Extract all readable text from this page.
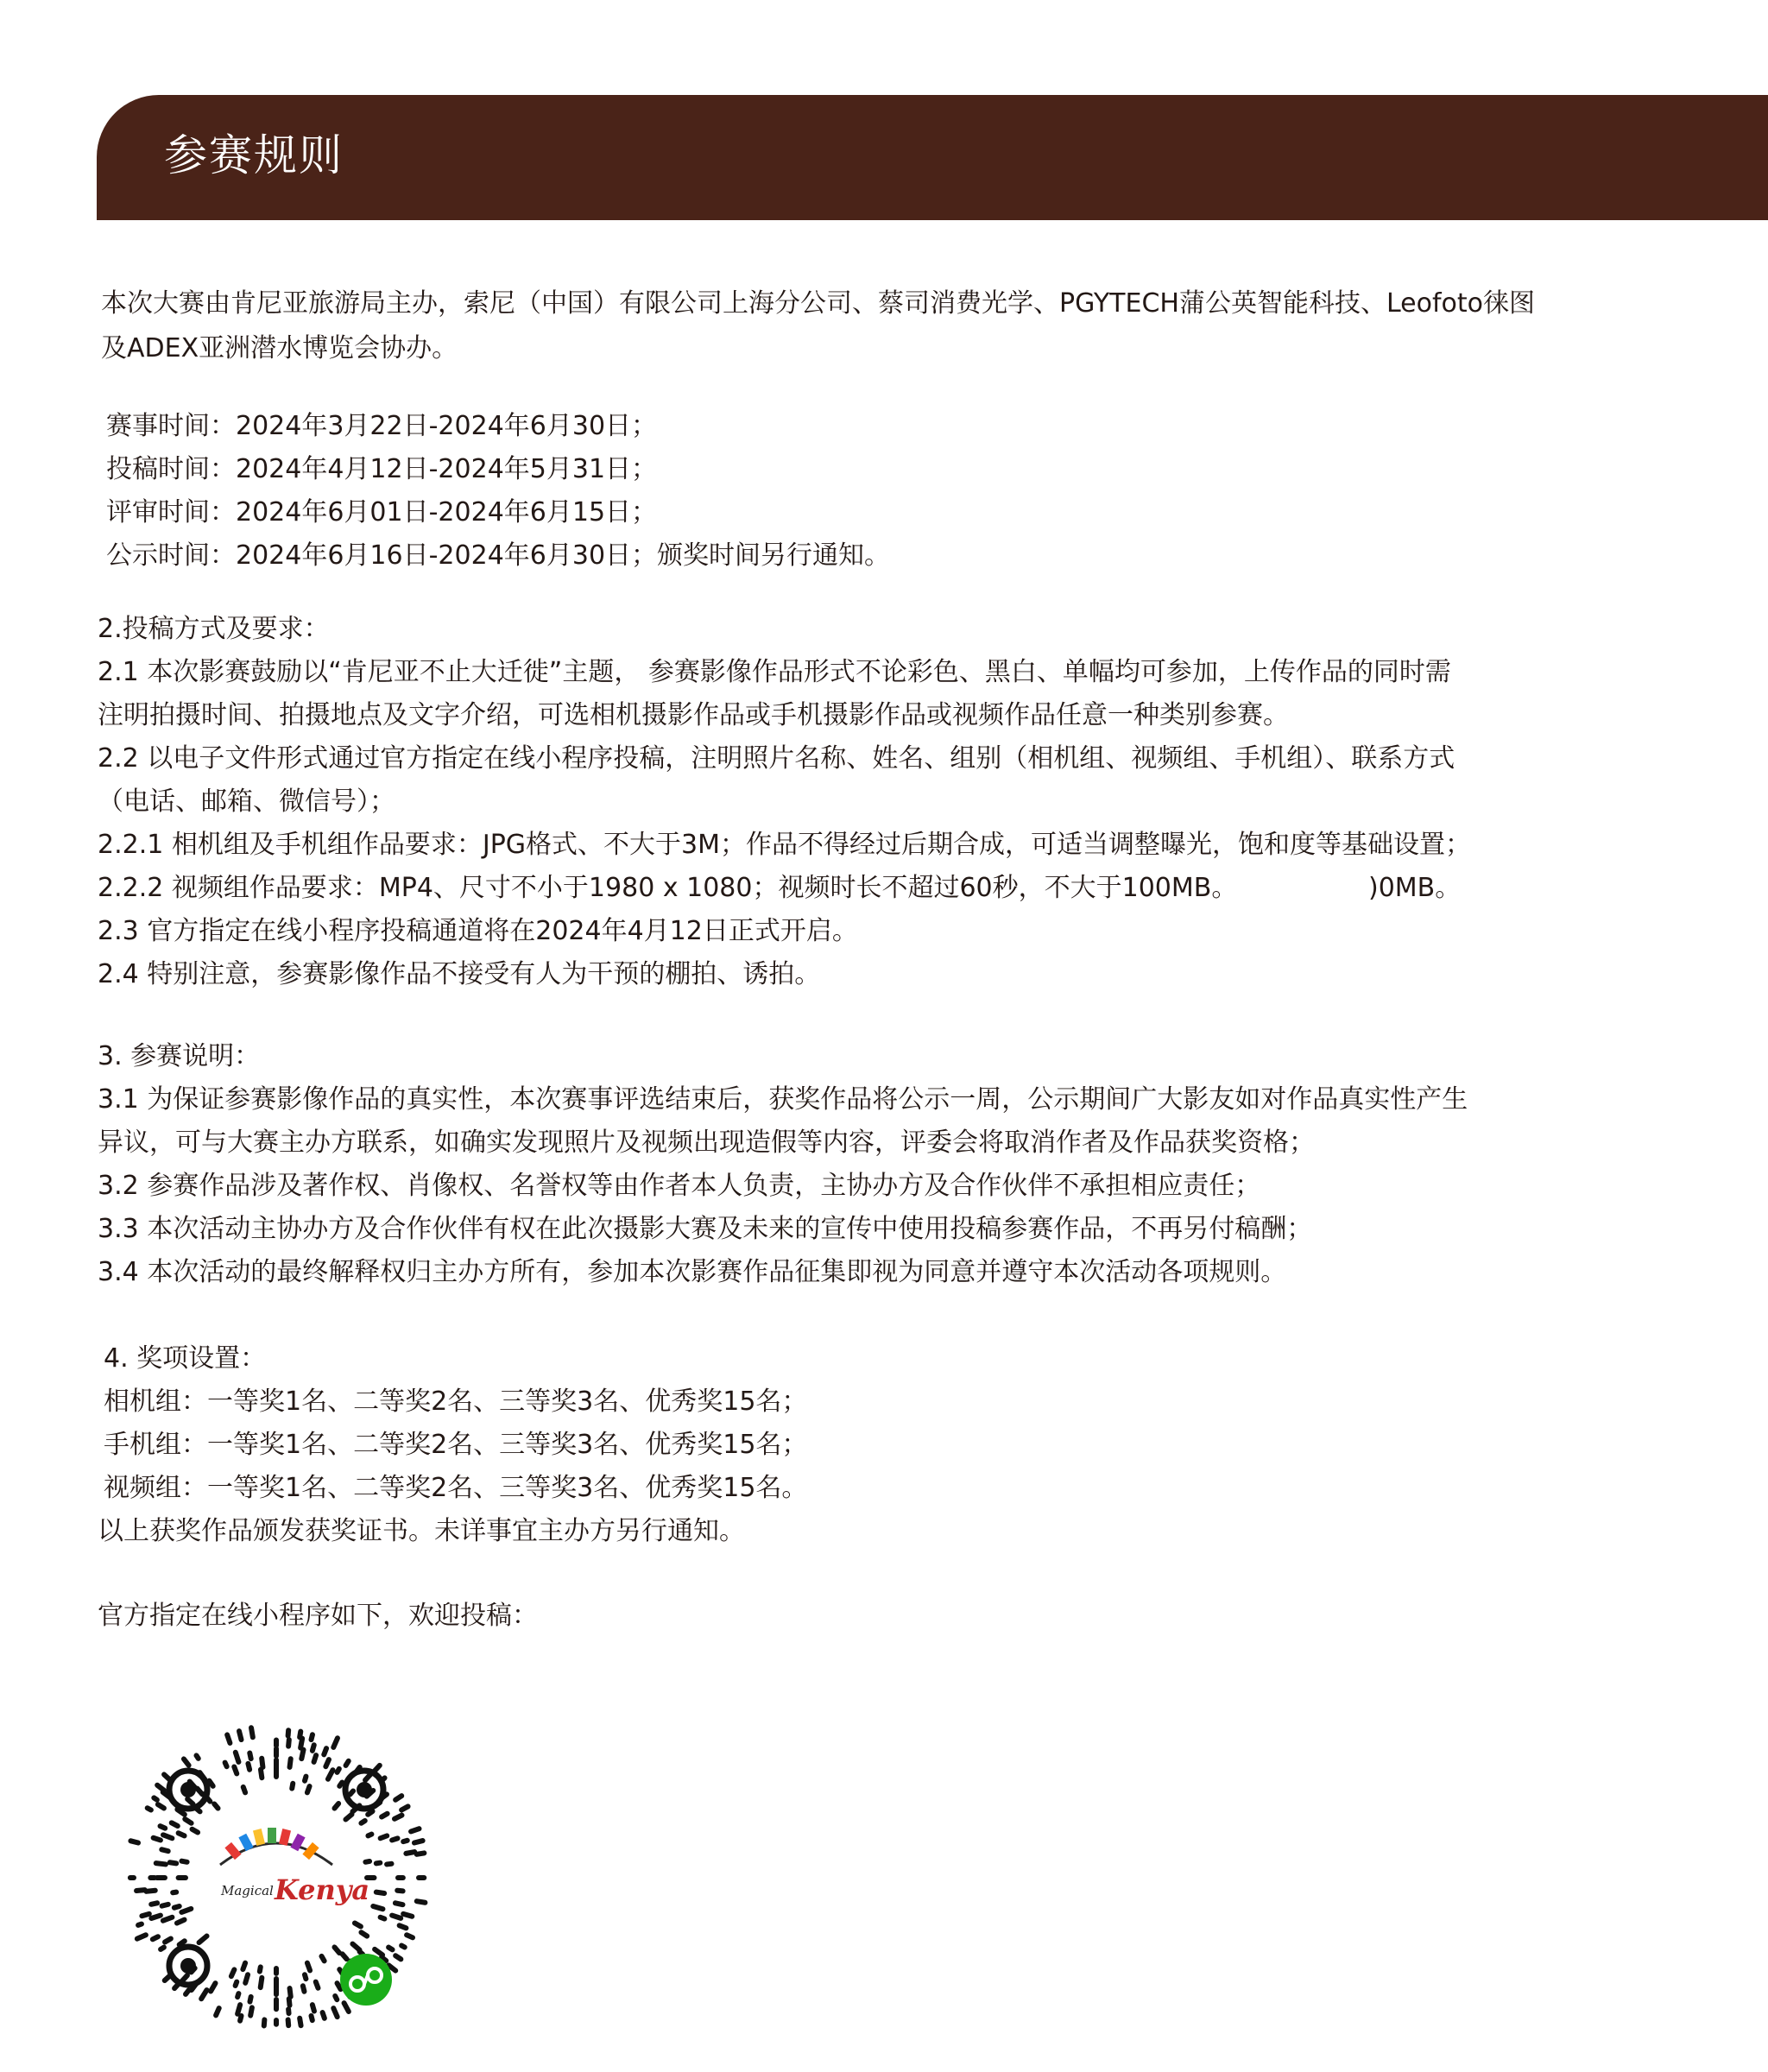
参赛规则
本次大赛由肯尼亚旅游局主办，索尼（中国）有限公司上海分公司、蔡司消费光学、PGYTECH蒲公英智能科技、Leofoto徕图
及ADEX亚洲潜水博览会协办。
赛事时间：2024年3月22日-2024年6月30日；
投稿时间：2024年4月12日-2024年5月31日；
评审时间：2024年6月01日-2024年6月15日；
公示时间：2024年6月16日-2024年6月30日；颁奖时间另行通知。
2.投稿方式及要求：
2.1 本次影赛鼓励以“肯尼亚不止大迁徙”主题， 参赛影像作品形式不论彩色、黑白、单幅均可参加，上传作品的同时需
注明拍摄时间、拍摄地点及文字介绍，可选相机摄影作品或手机摄影作品或视频作品任意一种类别参赛。
2.2 以电子文件形式通过官方指定在线小程序投稿，注明照片名称、姓名、组别（相机组、视频组、手机组）、联系方式
（电话、邮箱、微信号）；
2.2.1 相机组及手机组作品要求：JPG格式、不大于3M；作品不得经过后期合成，可适当调整曝光，饱和度等基础设置；
2.2.2 视频组作品要求：MP4、尺寸不小于1980 x 1080；视频时长不超过60秒，不大于100MB。	)0MB。
2.3 官方指定在线小程序投稿通道将在2024年4月12日正式开启。
2.4 特别注意，参赛影像作品不接受有人为干预的棚拍、诱拍。
3. 参赛说明：
3.1 为保证参赛影像作品的真实性，本次赛事评选结束后，获奖作品将公示一周，公示期间广大影友如对作品真实性产生
异议，可与大赛主办方联系，如确实发现照片及视频出现造假等内容，评委会将取消作者及作品获奖资格；
3.2 参赛作品涉及著作权、肖像权、名誉权等由作者本人负责，主协办方及合作伙伴不承担相应责任；
3.3 本次活动主协办方及合作伙伴有权在此次摄影大赛及未来的宣传中使用投稿参赛作品，不再另付稿酬；
3.4 本次活动的最终解释权归主办方所有，参加本次影赛作品征集即视为同意并遵守本次活动各项规则。
4. 奖项设置：
相机组：一等奖1名、二等奖2名、三等奖3名、优秀奖15名；
手机组：一等奖1名、二等奖2名、三等奖3名、优秀奖15名；
视频组：一等奖1名、二等奖2名、三等奖3名、优秀奖15名。
以上获奖作品颁发获奖证书。未详事宜主办方另行通知。
官方指定在线小程序如下，欢迎投稿：
Magical Kenya
